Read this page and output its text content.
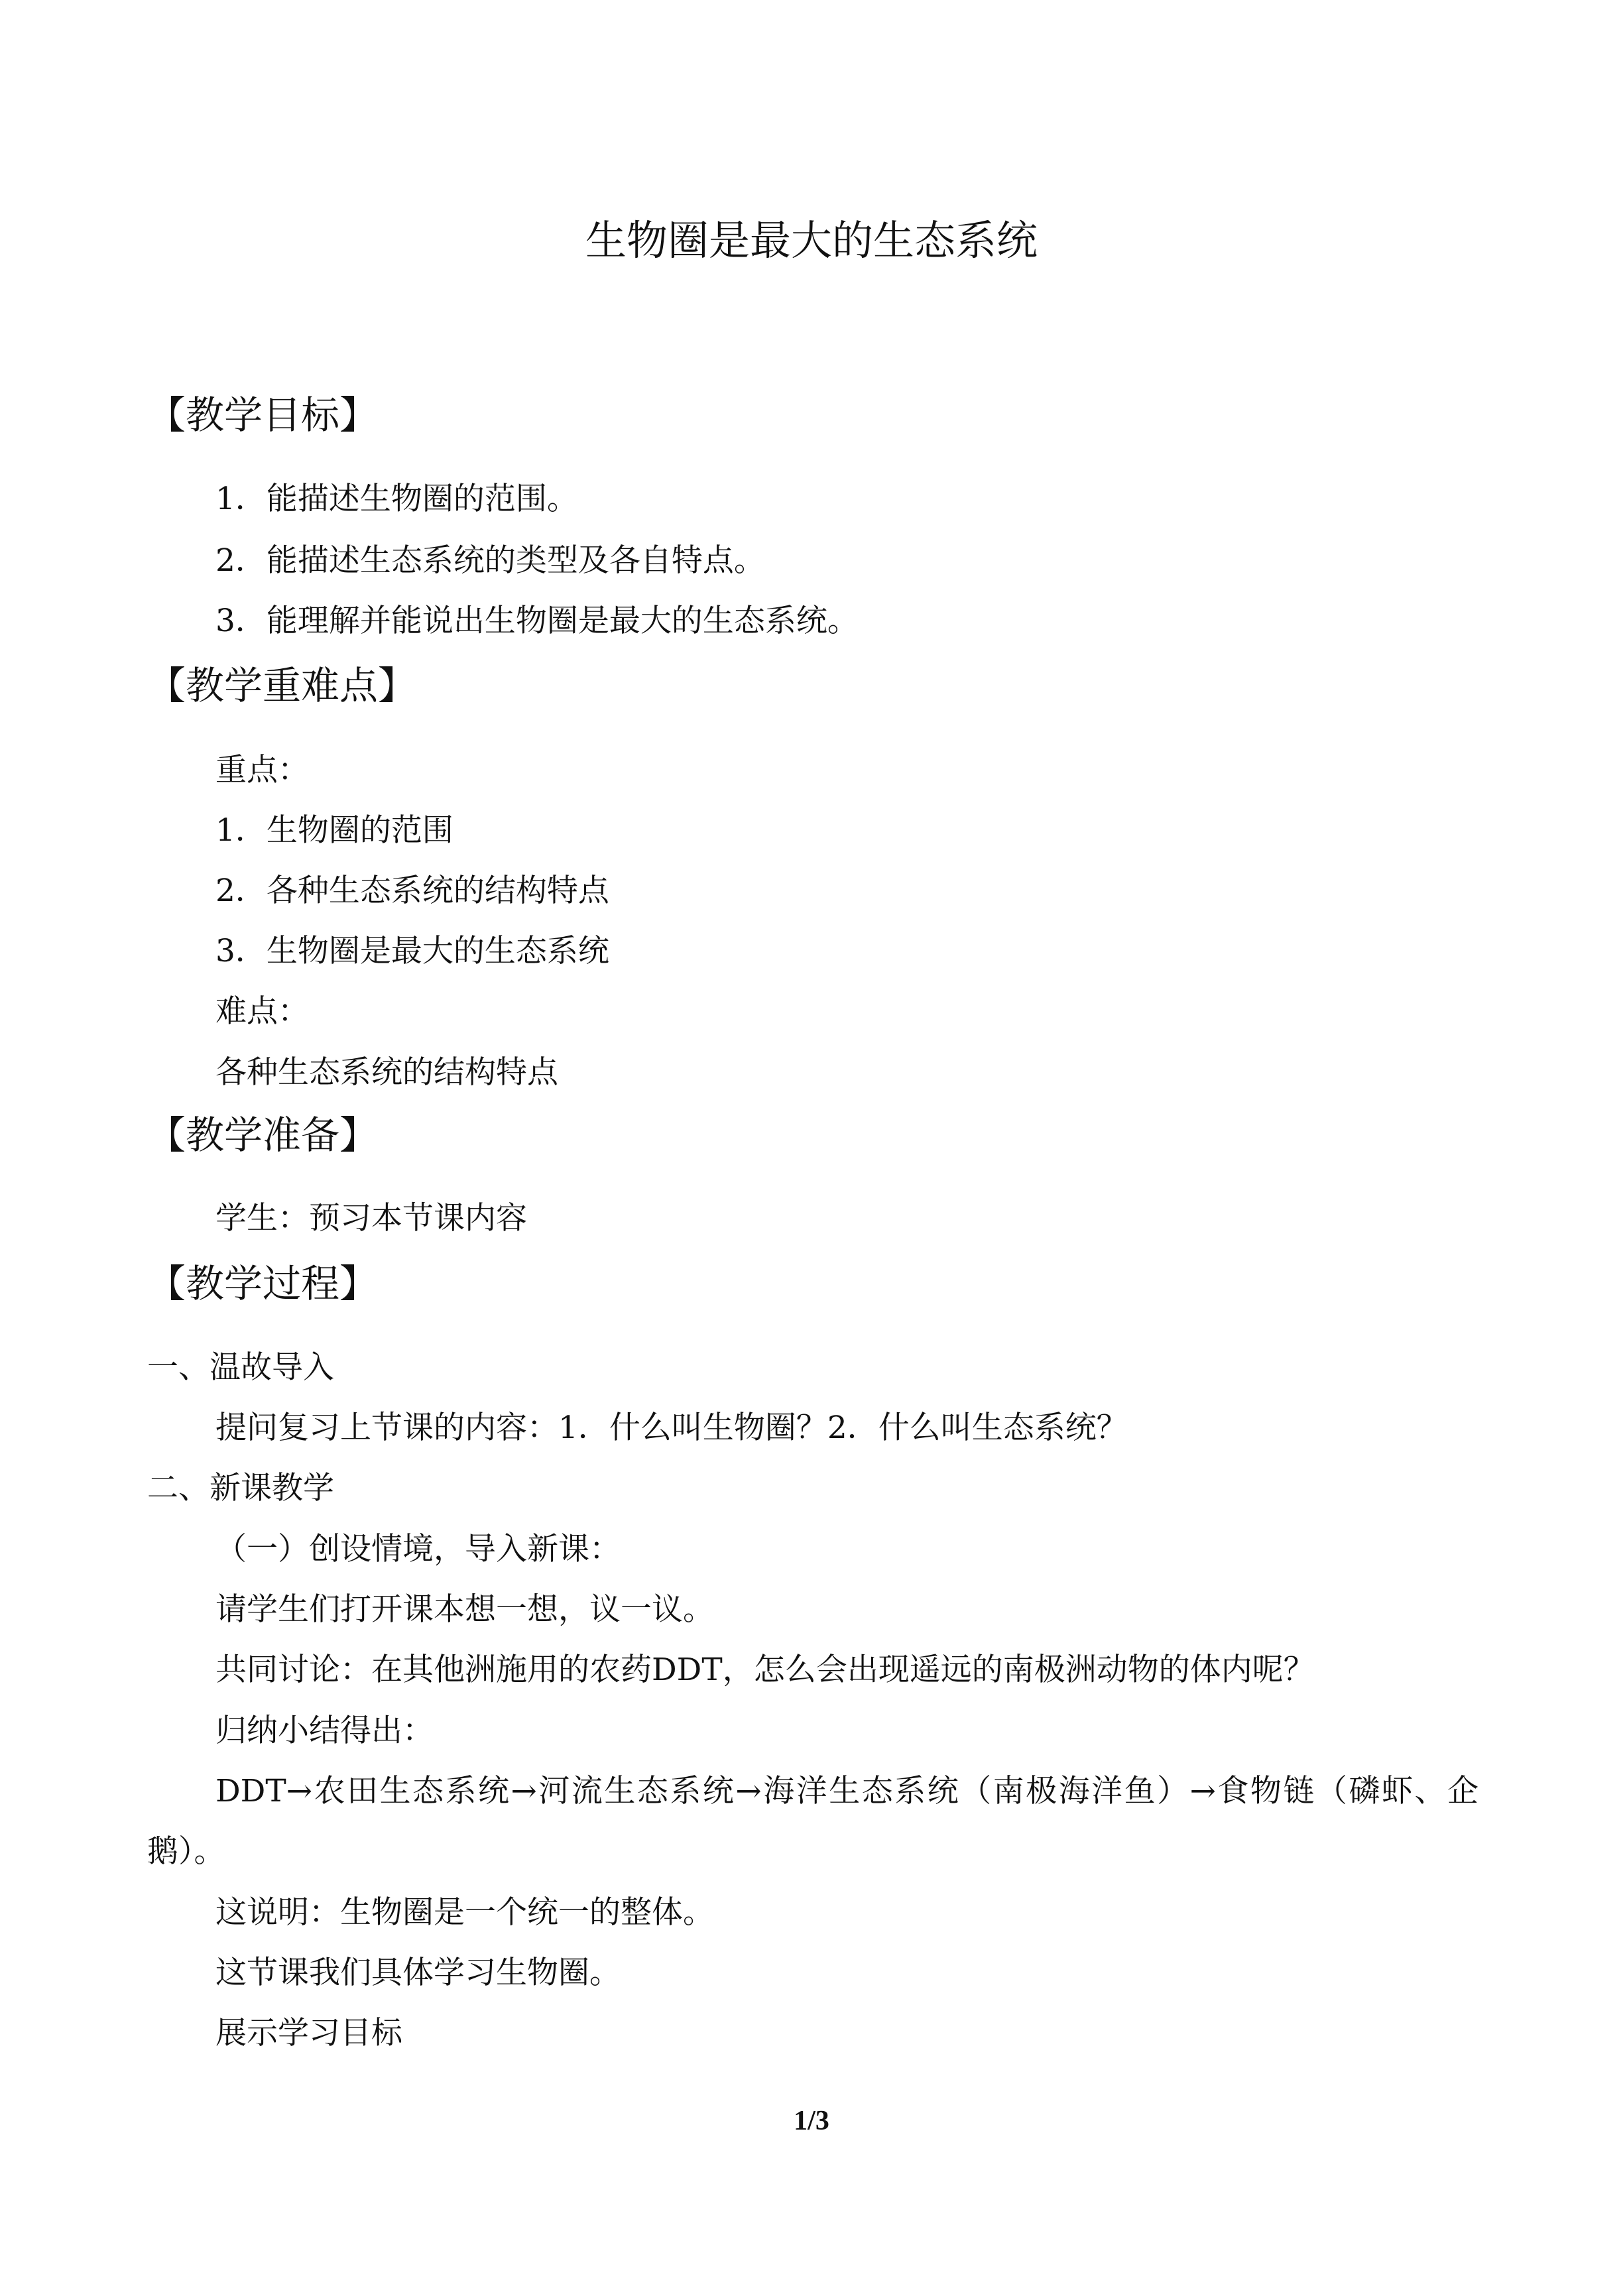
生物圈是最大的生态系统
【教学目标】
1．能描述生物圈的范围。
2．能描述生态系统的类型及各自特点。
3．能理解并能说出生物圈是最大的生态系统。
【教学重难点】
重点：
1．生物圈的范围
2．各种生态系统的结构特点
3．生物圈是最大的生态系统
难点：
各种生态系统的结构特点
【教学准备】
学生：预习本节课内容
【教学过程】
一、温故导入
提问复习上节课的内容：1．什么叫生物圈？2．什么叫生态系统？
二、新课教学
（一）创设情境，导入新课：
请学生们打开课本想一想，议一议。
共同讨论：在其他洲施用的农药DDT，怎么会出现遥远的南极洲动物的体内呢？
归纳小结得出：
DDT→农田生态系统→河流生态系统→海洋生态系统（南极海洋鱼）→食物链（磷虾、企
鹅）。
这说明：生物圈是一个统一的整体。
这节课我们具体学习生物圈。
展示学习目标
1/3
